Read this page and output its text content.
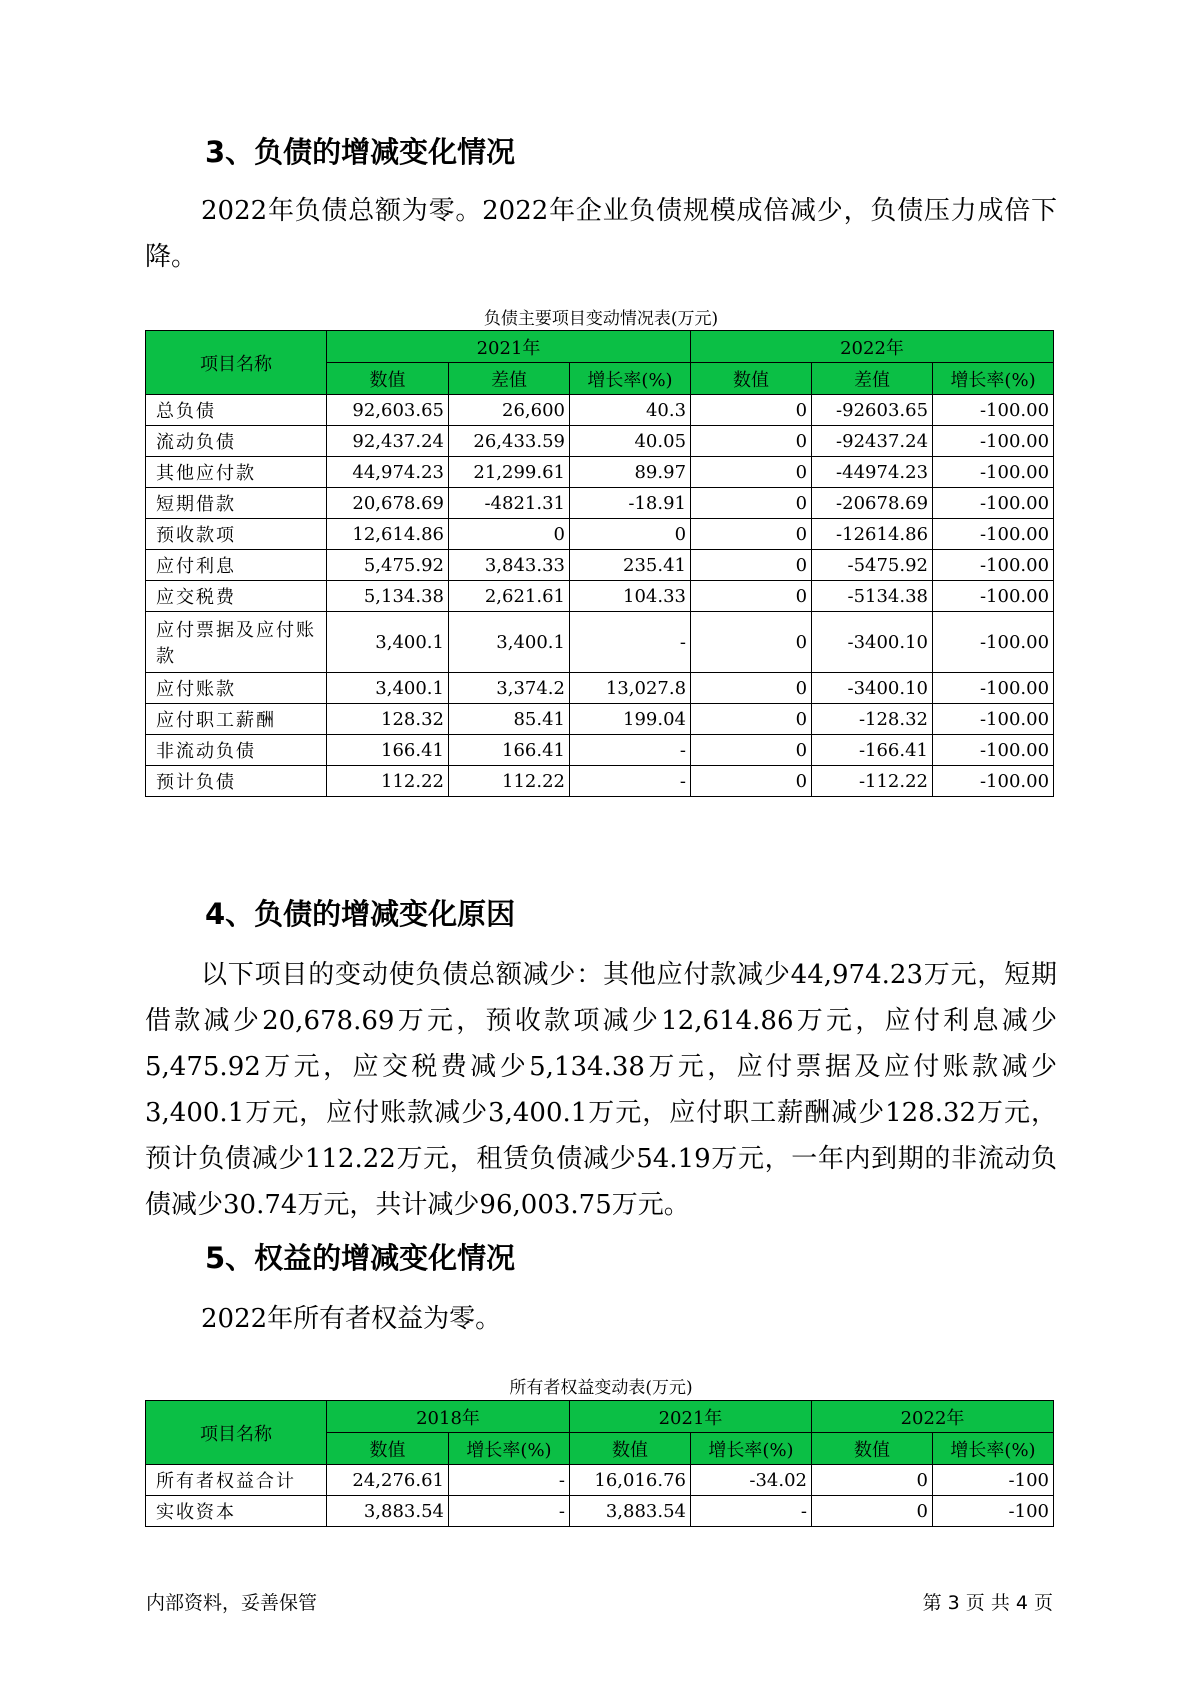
3、负债的增减变化情况

2022年负债总额为零。2022年企业负债规模成倍减少，负债压力成倍下降。

负债主要项目变动情况表(万元)

项目名称	2021年			2022年		
	数值	差值	增长率(%)	数值	差值	增长率(%)
总负债	92,603.65	26,600	40.3	0	-92603.65	-100.00
流动负债	92,437.24	26,433.59	40.05	0	-92437.24	-100.00
其他应付款	44,974.23	21,299.61	89.97	0	-44974.23	-100.00
短期借款	20,678.69	-4821.31	-18.91	0	-20678.69	-100.00
预收款项	12,614.86	0	0	0	-12614.86	-100.00
应付利息	5,475.92	3,843.33	235.41	0	-5475.92	-100.00
应交税费	5,134.38	2,621.61	104.33	0	-5134.38	-100.00
应付票据及应付账款	3,400.1	3,400.1	-	0	-3400.10	-100.00
应付账款	3,400.1	3,374.2	13,027.8	0	-3400.10	-100.00
应付职工薪酬	128.32	85.41	199.04	0	-128.32	-100.00
非流动负债	166.41	166.41	-	0	-166.41	-100.00
预计负债	112.22	112.22	-	0	-112.22	-100.00
4、负债的增减变化原因

以下项目的变动使负债总额减少：其他应付款减少44,974.23万元，短期借款减少20,678.69万元，预收款项减少12,614.86万元，应付利息减少5,475.92万元，应交税费减少5,134.38万元，应付票据及应付账款减少3,400.1万元，应付账款减少3,400.1万元，应付职工薪酬减少128.32万元，预计负债减少112.22万元，租赁负债减少54.19万元，一年内到期的非流动负债减少30.74万元，共计减少96,003.75万元。

5、权益的增减变化情况

2022年所有者权益为零。

所有者权益变动表(万元)

项目名称	2018年		2021年		2022年	
	数值	增长率(%)	数值	增长率(%)	数值	增长率(%)
所有者权益合计	24,276.61	-	16,016.76	-34.02	0	-100
实收资本	3,883.54	-	3,883.54	-	0	-100
内部资料，妥善保管	第 3 页 共 4 页
